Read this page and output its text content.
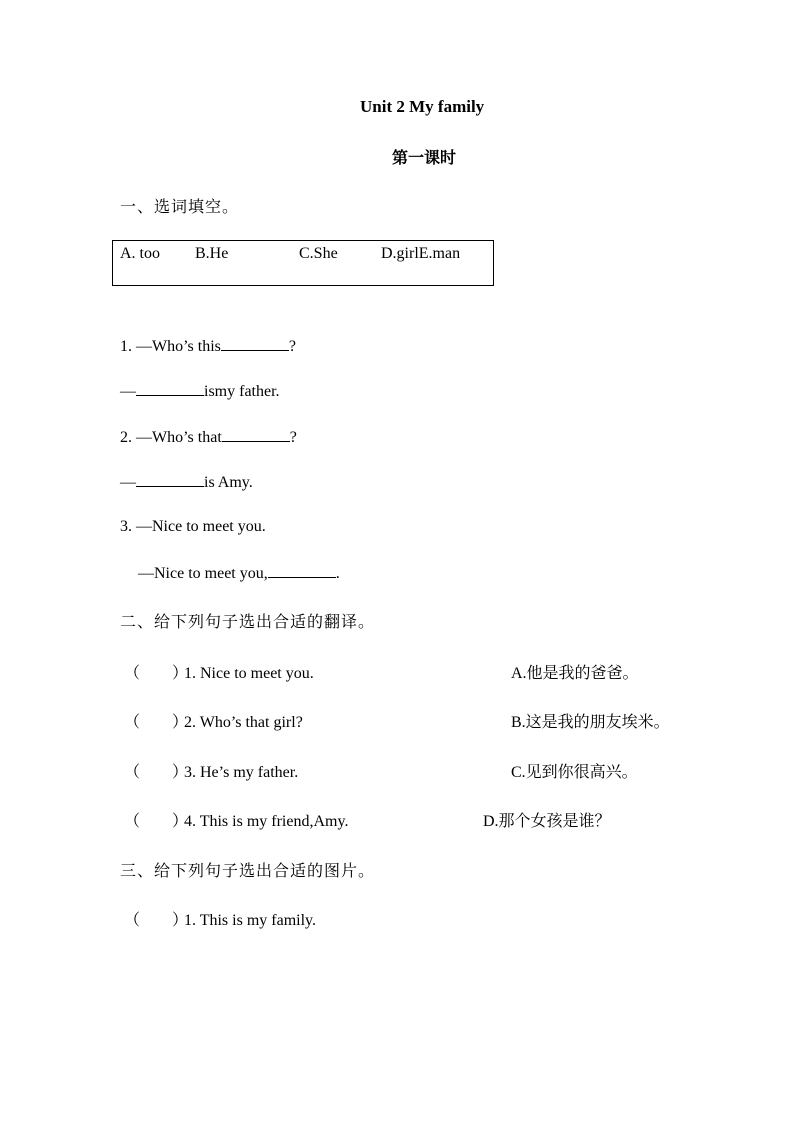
Unit 2 My family
第一课时
一、选词填空。
A. too B.He	C.She	D.girlE.man
1. —Who’s this	?
—	ismy father.
2. —Who’s that	?
—	is Amy.
3. —Nice to meet you.
—Nice to meet you,	.
二、给下列句子选出合适的翻译。
（ ）1. Nice to meet you.	A.他是我的爸爸。
（ ）2. Who’s that girl?	B.这是我的朋友埃米。
（ ）3. He’s my father.	C.见到你很高兴。
（ ）4. This is my friend,Amy.	D.那个女孩是谁？
三、给下列句子选出合适的图片。
（ ）1. This is my family.
